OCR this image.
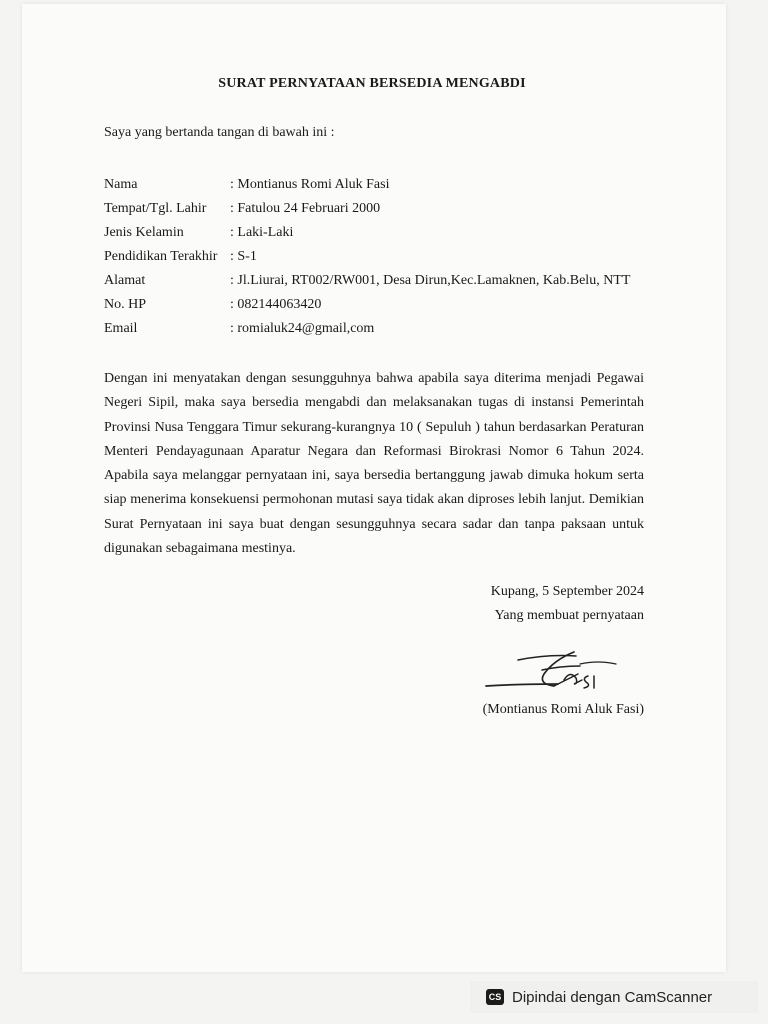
SURAT PERNYATAAN BERSEDIA MENGABDI
Saya yang bertanda tangan di bawah ini :
Nama	: Montianus Romi Aluk Fasi
Tempat/Tgl. Lahir	: Fatulou 24 Februari 2000
Jenis Kelamin	: Laki-Laki
Pendidikan Terakhir : S-1
Alamat	: Jl.Liurai, RT002/RW001, Desa Dirun,Kec.Lamaknen, Kab.Belu, NTT
No. HP	: 082144063420
Email	: romialuk24@gmail,com
Dengan ini menyatakan dengan sesungguhnya bahwa apabila saya diterima menjadi Pegawai Negeri Sipil, maka saya bersedia mengabdi dan melaksanakan tugas di instansi Pemerintah Provinsi Nusa Tenggara Timur sekurang-kurangnya 10 ( Sepuluh ) tahun berdasarkan Peraturan Menteri Pendayagunaan Aparatur Negara dan Reformasi Birokrasi Nomor 6 Tahun 2024. Apabila saya melanggar pernyataan ini, saya bersedia bertanggung jawab dimuka hokum serta siap menerima konsekuensi permohonan mutasi saya tidak akan diproses lebih lanjut. Demikian Surat Pernyataan ini saya buat dengan sesungguhnya secara sadar dan tanpa paksaan untuk digunakan sebagaimana mestinya.
Kupang, 5 September 2024
Yang membuat pernyataan
(Montianus Romi Aluk Fasi)
CS Dipindai dengan CamScanner
